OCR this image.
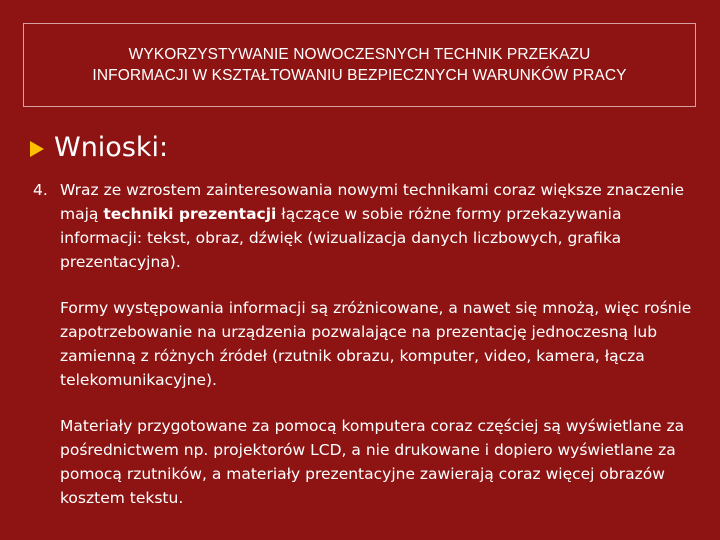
WYKORZYSTYWANIE NOWOCZESNYCH TECHNIK PRZEKAZU
INFORMACJI W KSZTAŁTOWANIU BEZPIECZNYCH WARUNKÓW PRACY
Wnioski:
4. Wraz ze wzrostem zainteresowania nowymi technikami coraz większe znaczenie mają techniki prezentacji łączące w sobie różne formy przekazywania informacji: tekst, obraz, dźwięk (wizualizacja danych liczbowych, grafika prezentacyjna).

Formy występowania informacji są zróżnicowane, a nawet się mnożą, więc rośnie zapotrzebowanie na urządzenia pozwalające na prezentację jednoczesną lub zamienną z różnych źródeł (rzutnik obrazu, komputer, video, kamera, łącza telekomunikacyjne).

Materiały przygotowane za pomocą komputera coraz częściej są wyświetlane za pośrednictwem np. projektorów LCD, a nie drukowane i dopiero wyświetlane za pomocą rzutników, a materiały prezentacyjne zawierają coraz więcej obrazów kosztem tekstu.
